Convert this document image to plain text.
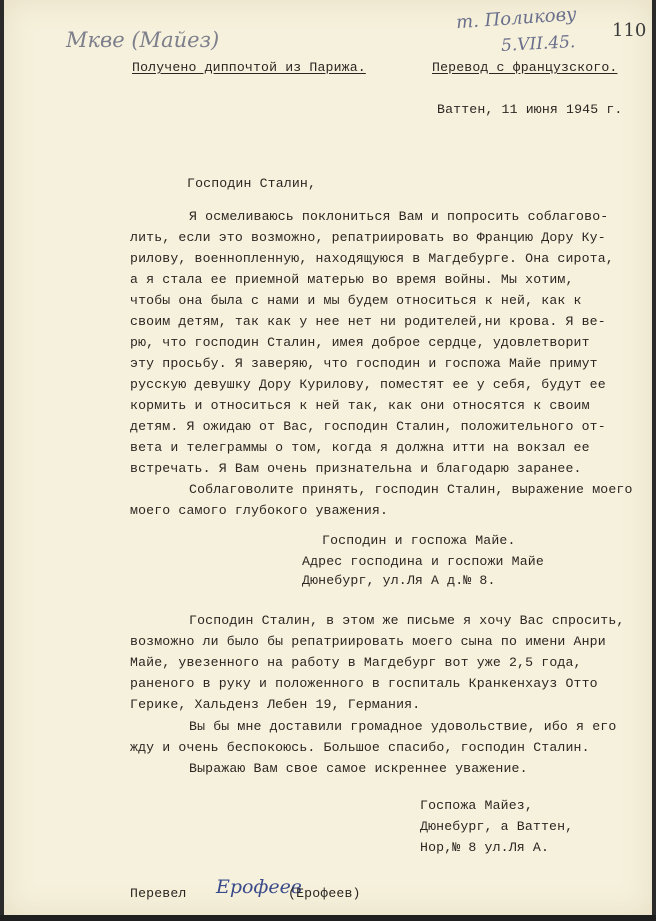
Мкве (Майез)
т. Поликову
5.VII.45.
110
Получено диппочтой из Парижа.	Перевод с французского.
Ваттен, 11 июня 1945 г.
Господин Сталин,
Я осмеливаюсь поклониться Вам и попросить соблагово-
лить, если это возможно, репатриировать во Францию Дору Ку-
рилову, военнопленную, находящуюся в Магдебурге. Она сирота,
а я стала ее приемной матерью во время войны. Мы хотим,
чтобы она была с нами и мы будем относиться к ней, как к
своим детям, так как у нее нет ни родителей,ни крова. Я ве-
рю, что господин Сталин, имея доброе сердце, удовлетворит
эту просьбу. Я заверяю, что господин и госпожа Майе примут
русскую девушку Дору Курилову, поместят ее у себя, будут ее
кормить и относиться к ней так, как они относятся к своим
детям. Я ожидаю от Вас, господин Сталин, положительного от-
вета и телеграммы о том, когда я должна итти на вокзал ее
встречать. Я Вам очень признательна и благодарю заранее.
Соблаговолите принять, господин Сталин, выражение моего
моего самого глубокого уважения.
Господин и госпожа Майе.
Адрес господина и госпожи Майе
Дюнебург, ул.Ля А д.№ 8.
Господин Сталин, в этом же письме я хочу Вас спросить,
возможно ли было бы репатриировать моего сына по имени Анри
Майе, увезенного на работу в Магдебург вот уже 2,5 года,
раненого в руку и положенного в госпиталь Кранкенхауз Отто
Герике, Хальденз Лебен 19, Германия.
Вы бы мне доставили громадное удовольствие, ибо я его
жду и очень беспокоюсь. Большое спасибо, господин Сталин.
Выражаю Вам свое самое искреннее уважение.
Госпожа Майез,
Дюнебург, а Ваттен,
Нор,№ 8 ул.Ля А.
Перевел Ерофеев
(Ерофеев)
